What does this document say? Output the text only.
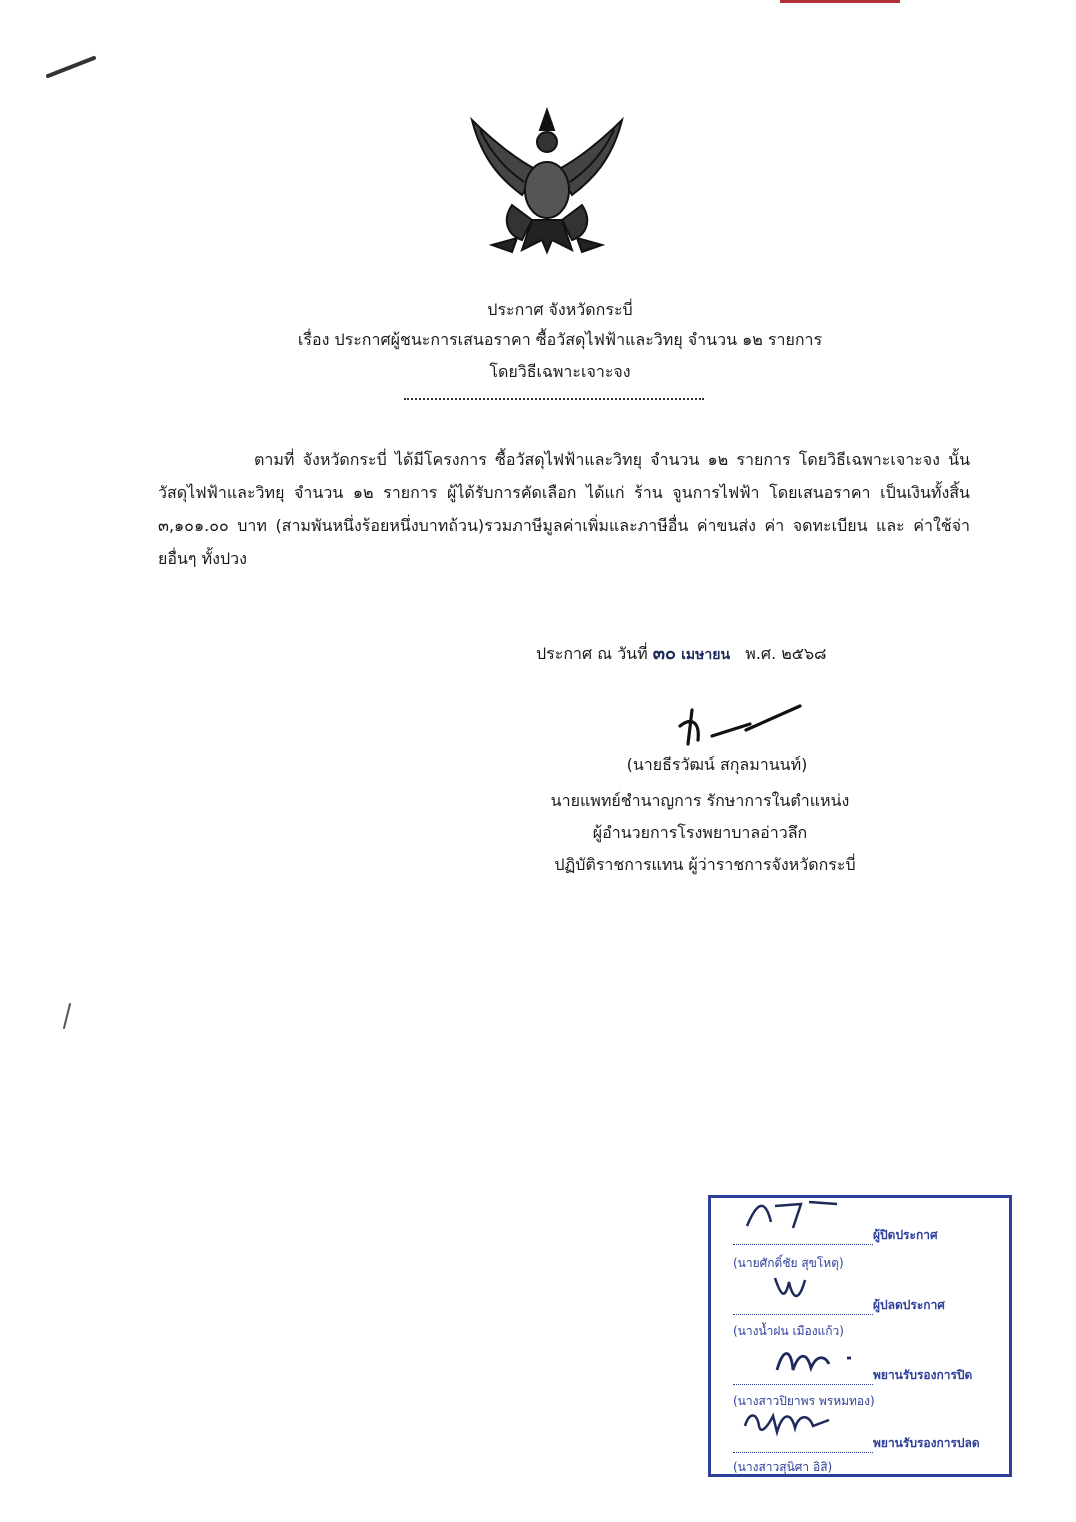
ประกาศ จังหวัดกระบี่
เรื่อง ประกาศผู้ชนะการเสนอราคา ซื้อวัสดุไฟฟ้าและวิทยุ จำนวน ๑๒ รายการ
โดยวิธีเฉพาะเจาะจง
ตามที่ จังหวัดกระบี่ ได้มีโครงการ ซื้อวัสดุไฟฟ้าและวิทยุ จำนวน ๑๒ รายการ โดยวิธีเฉพาะเจาะจง นั้น วัสดุไฟฟ้าและวิทยุ จำนวน ๑๒ รายการ ผู้ได้รับการคัดเลือก ได้แก่ ร้าน จูนการไฟฟ้า โดยเสนอราคา เป็นเงินทั้งสิ้น ๓,๑๐๑.๐๐ บาท (สามพันหนึ่งร้อยหนึ่งบาทถ้วน)รวมภาษีมูลค่าเพิ่มและภาษีอื่น ค่าขนส่ง ค่า จดทะเบียน และ ค่าใช้จ่ายอื่นๆ ทั้งปวง
ประกาศ ณ วันที่ ๓๐ เมษายน พ.ศ. ๒๕๖๘
(นายธีรวัฒน์ สกุลมานนท์)
นายแพทย์ชำนาญการ รักษาการในตำแหน่ง
ผู้อำนวยการโรงพยาบาลอ่าวลึก
ปฏิบัติราชการแทน ผู้ว่าราชการจังหวัดกระบี่
ผู้ปิดประกาศ
(นายศักดิ์ชัย สุขโหตุ)
ผู้ปลดประกาศ
(นางน้ำฝน เมืองแก้ว)
พยานรับรองการปิด
(นางสาวปิยาพร พรหมทอง)
พยานรับรองการปลด
(นางสาวสุนิศา อิสิ)
